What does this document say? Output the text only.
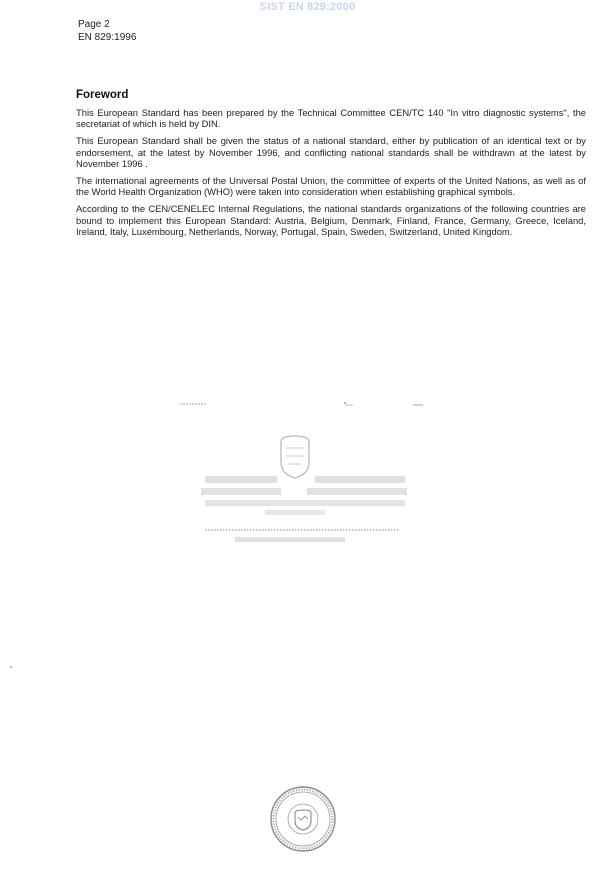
SIST EN 829:2000
Page 2
EN 829:1996
Foreword

This European Standard has been prepared by the Technical Committee CEN/TC 140 "In vitro diagnostic systems", the secretariat of which is held by DIN.

This European Standard shall be given the status of a national standard, either by publication of an identical text or by endorsement, at the latest by November 1996, and conflicting national standards shall be withdrawn at the latest by November 1996 .

The international agreements of the Universal Postal Union, the committee of experts of the United Nations, as well as of the World Health Organization (WHO) were taken into consideration when establishing graphical symbols.

According to the CEN/CENELEC Internal Regulations, the national standards organizations of the following countries are bound to implement this European Standard: Austria, Belgium, Denmark, Finland, France, Germany, Greece, Iceland, Ireland, Italy, Luxembourg, Netherlands, Norway, Portugal, Spain, Sweden, Switzerland, United Kingdom.
